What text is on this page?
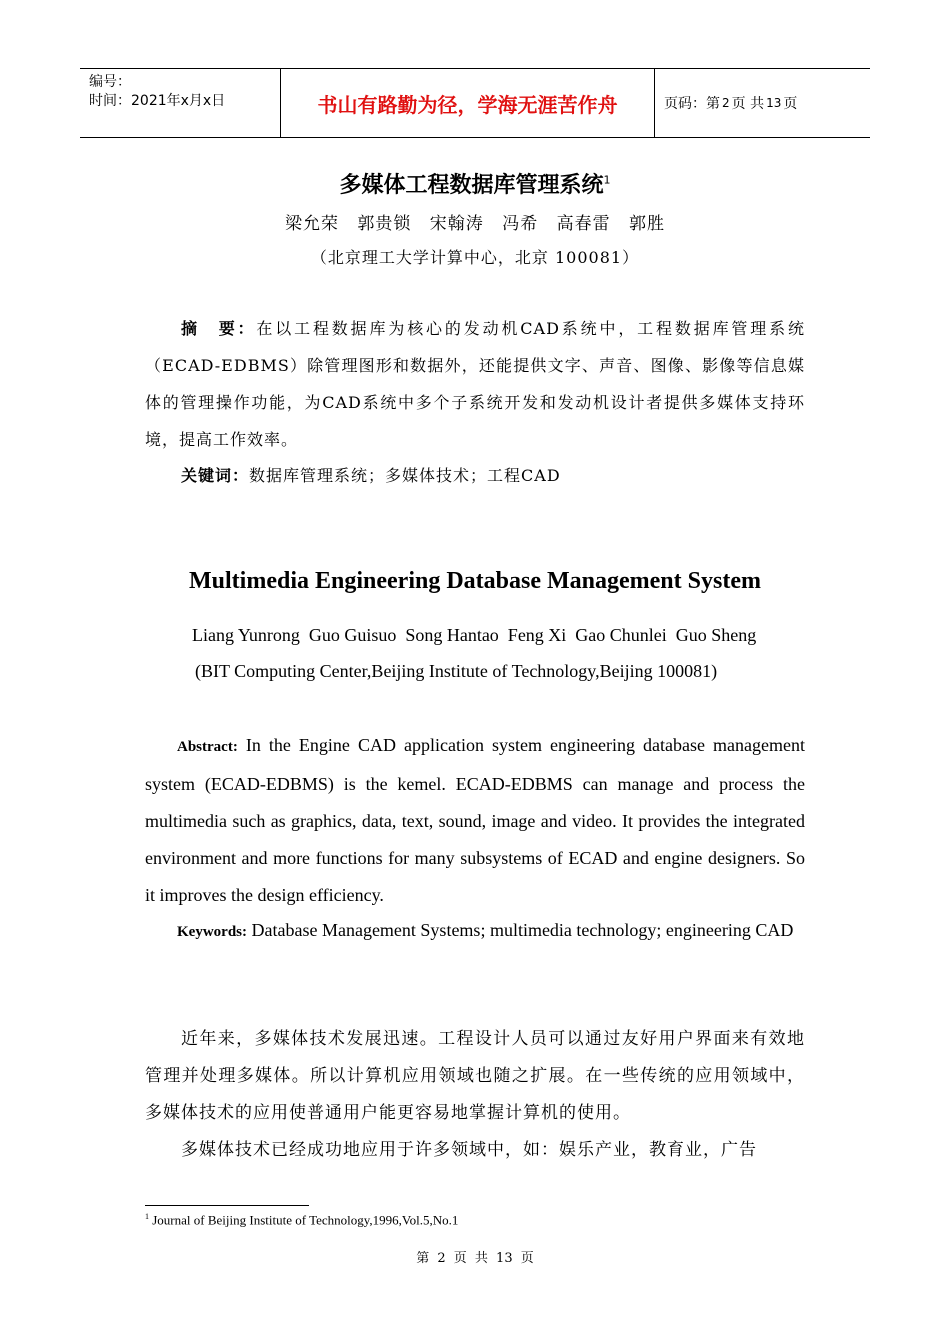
编号：
时间：2021年x月x日	书山有路勤为径，学海无涯苦作舟	页码：第 2 页 共 13 页
多媒体工程数据库管理系统$^1$
梁允荣 郭贵锁 宋翰涛 冯希 高春雷 郭胜
（北京理工大学计算中心，北京 100081）

摘　要：在以工程数据库为核心的发动机CAD系统中，工程数据库管理系统（ECAD-EDBMS）除管理图形和数据外，还能提供文字、声音、图像、影像等信息媒体的管理操作功能，为CAD系统中多个子系统开发和发动机设计者提供多媒体支持环境，提高工作效率。

关键词：数据库管理系统；多媒体技术；工程CAD

Multimedia Engineering Database Management System
Liang Yunrong  Guo Guisuo  Song Hantao  Feng Xi  Gao Chunlei  Guo Sheng
(BIT Computing Center,Beijing Institute of Technology,Beijing 100081)

Abstract: In the Engine CAD application system engineering database management system (ECAD-EDBMS) is the kemel. ECAD-EDBMS can manage and process the multimedia such as graphics, data, text, sound, image and video. It provides the integrated environment and more functions for many subsystems of ECAD and engine designers. So it improves the design efficiency.

Keywords: Database Management Systems; multimedia technology; engineering CAD

近年来，多媒体技术发展迅速。工程设计人员可以通过友好用户界面来有效地管理并处理多媒体。所以计算机应用领域也随之扩展。在一些传统的应用领域中，多媒体技术的应用使普通用户能更容易地掌握计算机的使用。

多媒体技术已经成功地应用于许多领域中，如：娱乐产业，教育业，广告

$^1$ Journal of Beijing Institute of Technology,1996,Vol.5,No.1
第 2 页 共 13 页
